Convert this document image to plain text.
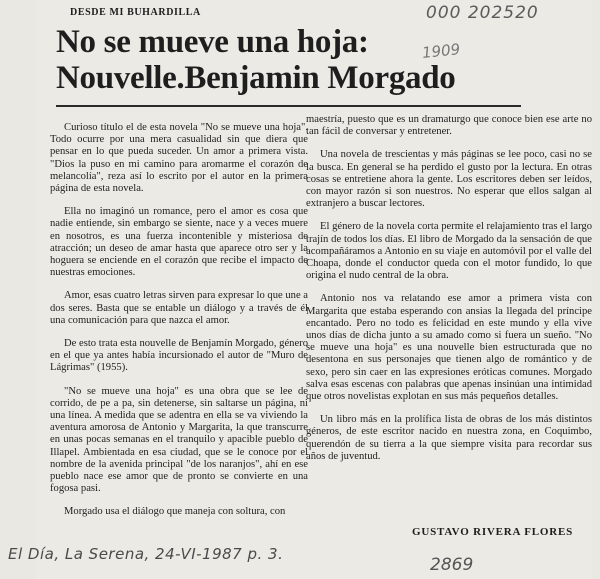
DESDE MI BUHARDILLA	000 202520
1909
No se mueve una hoja:
Nouvelle.Benjamin Morgado

Curioso título el de esta novela "No se mueve una hoja". Todo ocurre por una mera casualidad sin que diera que pensar en lo que pueda suceder. Un amor a primera vista. "Dios la puso en mi camino para aromarme el corazón de melancolía", reza así lo escrito por el autor en la primera página de esta novela.

Ella no imaginó un romance, pero el amor es cosa que nadie entiende, sin embargo se siente, nace y a veces muere en nosotros, es una fuerza incontenible y misteriosa de atracción; un deseo de amar hasta que aparece otro ser y la hoguera se enciende en el corazón que recibe el impacto de nuestras emociones.

Amor, esas cuatro letras sirven para expresar lo que une a dos seres. Basta que se entable un diálogo y a través de él una comunicación para que nazca el amor.

De esto trata esta nouvelle de Benjamín Morgado, género en el que ya antes había incursionado el autor de "Muro de Lágrimas" (1955).

"No se mueve una hoja" es una obra que se lee de corrido, de pe a pa, sin detenerse, sin saltarse un página, ni una línea. A medida que se adentra en ella se va viviendo la aventura amorosa de Antonio y Margarita, la que transcurre en unas pocas semanas en el tranquilo y apacible pueblo de Illapel. Ambientada en esa ciudad, que se le conoce por el nombre de la avenida principal "de los naranjos", ahí en ese pueblo nace ese amor que de pronto se convierte en una fogosa pasi.

Morgado usa el diálogo que maneja con soltura, con

maestría, puesto que es un dramaturgo que conoce bien ese arte no tan fácil de conversar y entretener.

Una novela de trescientas y más páginas se lee poco, casi no se la busca. En general se ha perdido el gusto por la lectura. En otras cosas se entretiene ahora la gente. Los escritores deben ser leídos, con mayor razón si son nuestros. No esperar que ellos salgan al extranjero a buscar lectores.

El género de la novela corta permite el relajamiento tras el largo trajín de todos los días. El libro de Morgado da la sensación de que acompañáramos a Antonio en su viaje en automóvil por el valle del Choapa, donde el conductor queda con el motor fundido, lo que origina el nudo central de la obra.

Antonio nos va relatando ese amor a primera vista con Margarita que estaba esperando con ansias la llegada del príncipe encantado. Pero no todo es felicidad en este mundo y ella vive unos días de dicha junto a su amado como si fuera un sueño. "No se mueve una hoja" es una nouvelle bien estructurada que no desentona en sus personajes que tienen algo de romántico y de sexo, pero sin caer en las expresiones eróticas comunes. Morgado salva esas escenas con palabras que apenas insinúan una intimidad que otros novelistas explotan en sus más pequeños detalles.

Un libro más en la prolífica lista de obras de los más distintos géneros, de este escritor nacido en nuestra zona, en Coquimbo, querendón de su tierra a la que siempre visita para recordar sus años de juventud.

GUSTAVO RIVERA FLORES
El Día, La Serena, 24-VI-1987 p. 3.
2869
